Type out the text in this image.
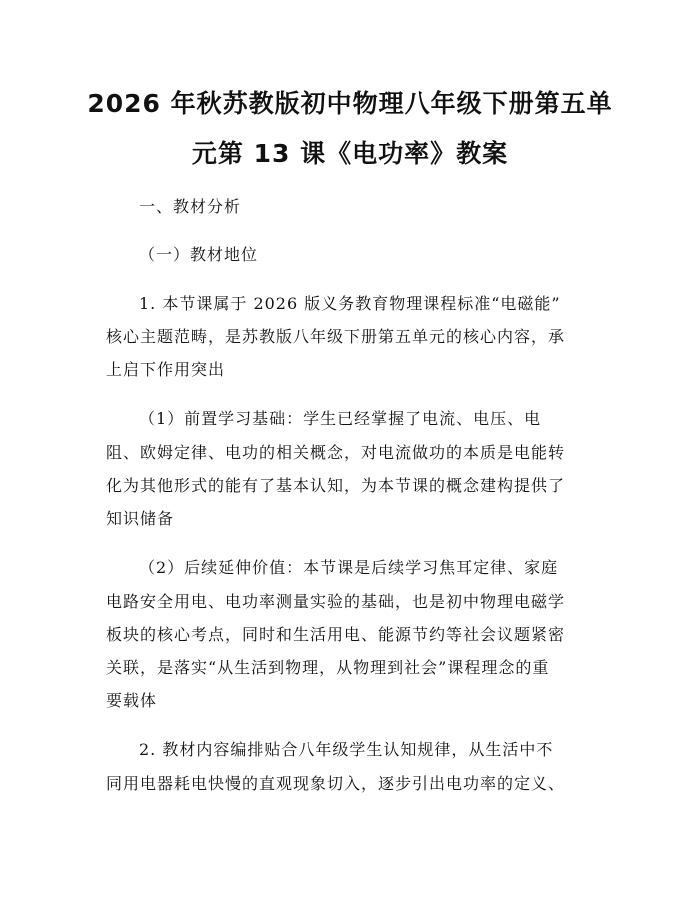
2026 年秋苏教版初中物理八年级下册第五单
元第 13 课《电功率》教案
一、教材分析
（一）教材地位
1. 本节课属于 2026 版义务教育物理课程标准“电磁能”
核心主题范畴，是苏教版八年级下册第五单元的核心内容，承
上启下作用突出
（1）前置学习基础：学生已经掌握了电流、电压、电
阻、欧姆定律、电功的相关概念，对电流做功的本质是电能转
化为其他形式的能有了基本认知，为本节课的概念建构提供了
知识储备
（2）后续延伸价值：本节课是后续学习焦耳定律、家庭
电路安全用电、电功率测量实验的基础，也是初中物理电磁学
板块的核心考点，同时和生活用电、能源节约等社会议题紧密
关联，是落实“从生活到物理，从物理到社会”课程理念的重
要载体
2. 教材内容编排贴合八年级学生认知规律，从生活中不
同用电器耗电快慢的直观现象切入，逐步引出电功率的定义、
